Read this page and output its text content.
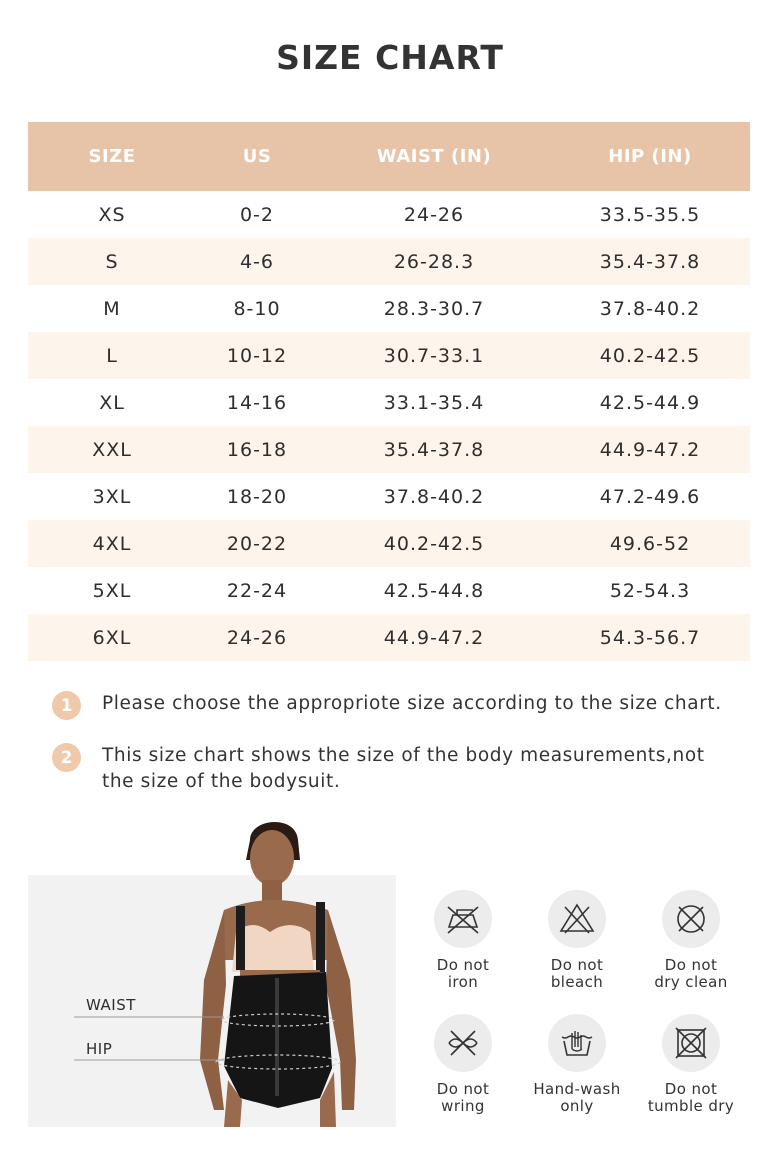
SIZE CHART
SIZE	US	WAIST (IN)	HIP (IN)
XS	0-2	24-26	33.5-35.5
S	4-6	26-28.3	35.4-37.8
M	8-10	28.3-30.7	37.8-40.2
L	10-12	30.7-33.1	40.2-42.5
XL	14-16	33.1-35.4	42.5-44.9
XXL	16-18	35.4-37.8	44.9-47.2
3XL	18-20	37.8-40.2	47.2-49.6
4XL	20-22	40.2-42.5	49.6-52
5XL	22-24	42.5-44.8	52-54.3
6XL	24-26	44.9-47.2	54.3-56.7
1	Please choose the appropriote size according to the size chart.
2	This size chart shows the size of the body measurements,not the size of the bodysuit.
WAIST
HIP
Do not
iron
Do not
bleach
Do not
dry clean
Do not
wring
Hand-wash
only
Do not
tumble dry
